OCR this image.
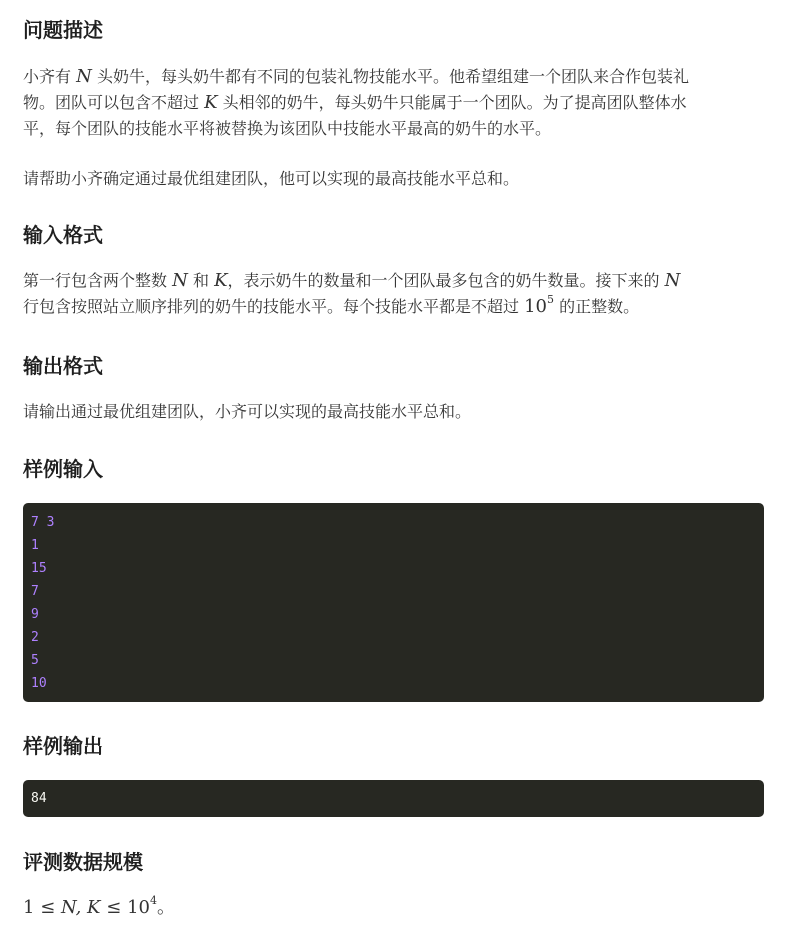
问题描述

小齐有 N 头奶牛，每头奶牛都有不同的包装礼物技能水平。他希望组建一个团队来合作包装礼

物。团队可以包含不超过 K 头相邻的奶牛，每头奶牛只能属于一个团队。为了提高团队整体水

平，每个团队的技能水平将被替换为该团队中技能水平最高的奶牛的水平。

请帮助小齐确定通过最优组建团队，他可以实现的最高技能水平总和。

输入格式

第一行包含两个整数 N 和 K，表示奶牛的数量和一个团队最多包含的奶牛数量。接下来的 N

行包含按照站立顺序排列的奶牛的技能水平。每个技能水平都是不超过 $10^5$ 的正整数。

输出格式

请输出通过最优组建团队，小齐可以实现的最高技能水平总和。

样例输入
7 3
1
15
7
9
2
5
10
样例输出
84
评测数据规模

1 ≤ N, $K \le 10^4$。
